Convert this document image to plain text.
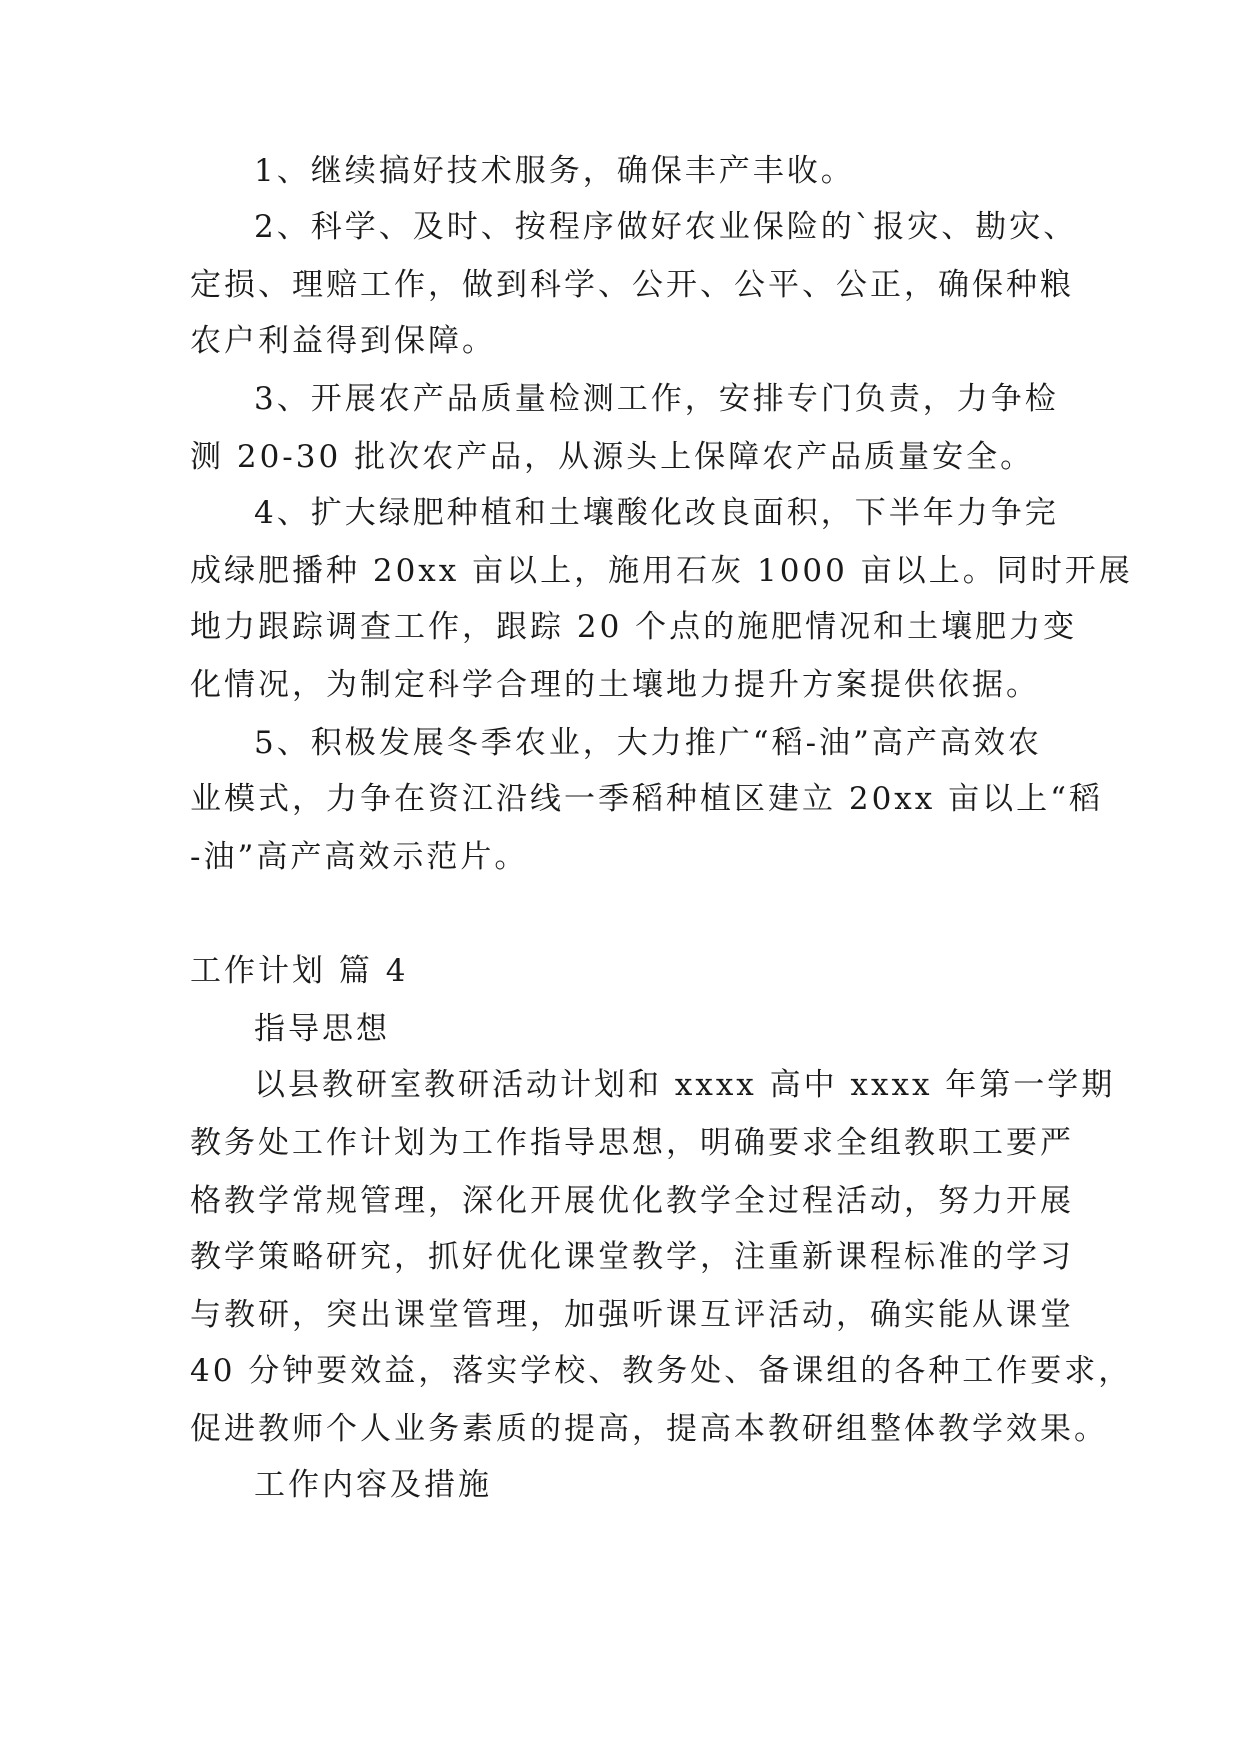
1、继续搞好技术服务，确保丰产丰收。
2、科学、及时、按程序做好农业保险的`报灾、勘灾、
定损、理赔工作，做到科学、公开、公平、公正，确保种粮
农户利益得到保障。
3、开展农产品质量检测工作，安排专门负责，力争检
测 20-30 批次农产品，从源头上保障农产品质量安全。
4、扩大绿肥种植和土壤酸化改良面积，下半年力争完
成绿肥播种 20xx 亩以上，施用石灰 1000 亩以上。同时开展
地力跟踪调查工作，跟踪 20 个点的施肥情况和土壤肥力变
化情况，为制定科学合理的土壤地力提升方案提供依据。
5、积极发展冬季农业，大力推广“稻-油”高产高效农
业模式，力争在资江沿线一季稻种植区建立 20xx 亩以上“稻
-油”高产高效示范片。
工作计划 篇 4
指导思想
以县教研室教研活动计划和 xxxx 高中 xxxx 年第一学期
教务处工作计划为工作指导思想，明确要求全组教职工要严
格教学常规管理，深化开展优化教学全过程活动，努力开展
教学策略研究，抓好优化课堂教学，注重新课程标准的学习
与教研，突出课堂管理，加强听课互评活动，确实能从课堂
40 分钟要效益，落实学校、教务处、备课组的各种工作要求，
促进教师个人业务素质的提高，提高本教研组整体教学效果。
工作内容及措施
